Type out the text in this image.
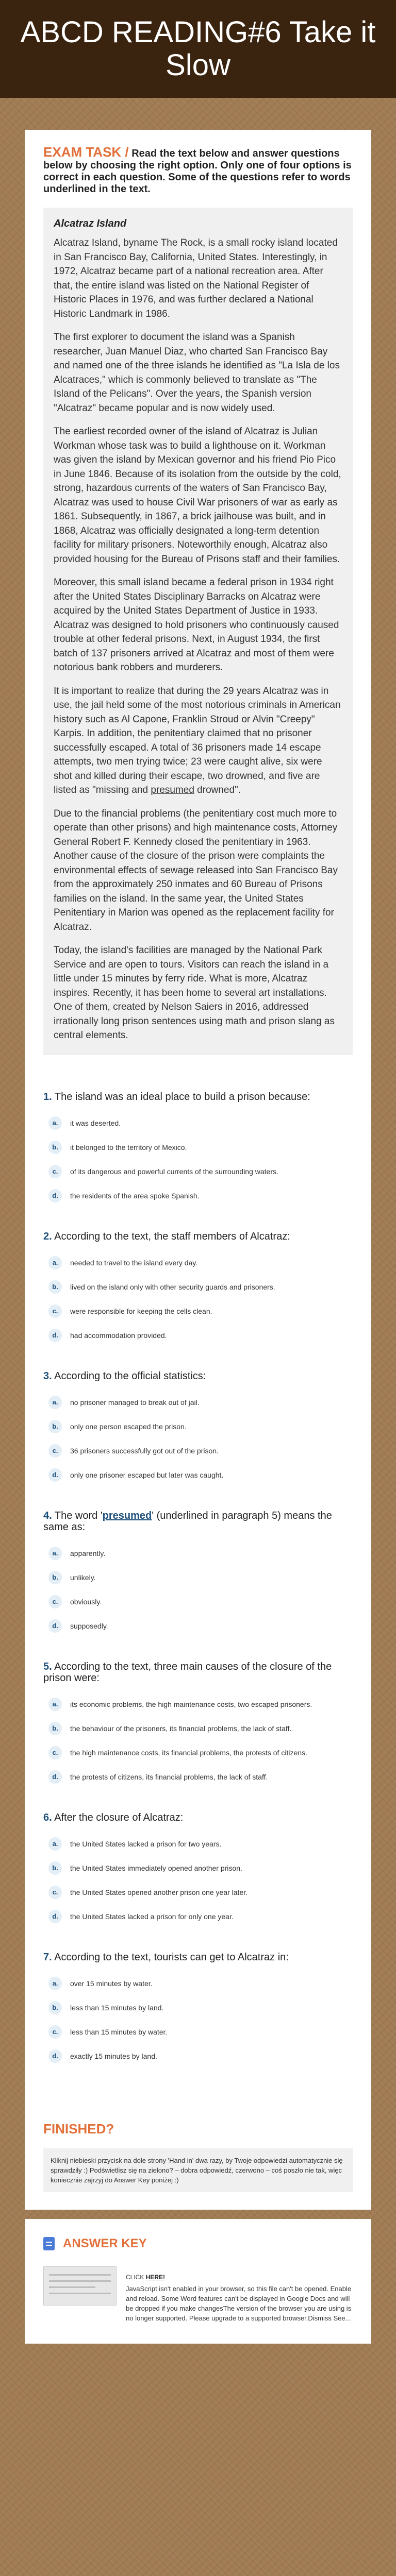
ABCD READING#6 Take it Slow
EXAM TASK / Read the text below and answer questions below by choosing the right option. Only one of four options is correct in each question. Some of the questions refer to words underlined in the text.
Alcatraz Island

Alcatraz Island, byname The Rock, is a small rocky island located in San Francisco Bay, California, United States. Interestingly, in 1972, Alcatraz became part of a national recreation area. After that, the entire island was listed on the National Register of Historic Places in 1976, and was further declared a National Historic Landmark in 1986.

The first explorer to document the island was a Spanish researcher, Juan Manuel Diaz, who charted San Francisco Bay and named one of the three islands he identified as "La Isla de los Alcatraces," which is commonly believed to translate as "The Island of the Pelicans". Over the years, the Spanish version "Alcatraz" became popular and is now widely used.

The earliest recorded owner of the island of Alcatraz is Julian Workman whose task was to build a lighthouse on it. Workman was given the island by Mexican governor and his friend Pio Pico in June 1846. Because of its isolation from the outside by the cold, strong, hazardous currents of the waters of San Francisco Bay, Alcatraz was used to house Civil War prisoners of war as early as 1861. Subsequently, in 1867, a brick jailhouse was built, and in 1868, Alcatraz was officially designated a long-term detention facility for military prisoners. Noteworthily enough, Alcatraz also provided housing for the Bureau of Prisons staff and their families.

Moreover, this small island became a federal prison in 1934 right after the United States Disciplinary Barracks on Alcatraz were acquired by the United States Department of Justice in 1933. Alcatraz was designed to hold prisoners who continuously caused trouble at other federal prisons. Next, in August 1934, the first batch of 137 prisoners arrived at Alcatraz and most of them were notorious bank robbers and murderers.

It is important to realize that during the 29 years Alcatraz was in use, the jail held some of the most notorious criminals in American history such as Al Capone, Franklin Stroud or Alvin "Creepy" Karpis. In addition, the penitentiary claimed that no prisoner successfully escaped. A total of 36 prisoners made 14 escape attempts, two men trying twice; 23 were caught alive, six were shot and killed during their escape, two drowned, and five are listed as "missing and presumed drowned".

Due to the financial problems (the penitentiary cost much more to operate than other prisons) and high maintenance costs, Attorney General Robert F. Kennedy closed the penitentiary in 1963. Another cause of the closure of the prison were complaints the environmental effects of sewage released into San Francisco Bay from the approximately 250 inmates and 60 Bureau of Prisons families on the island. In the same year, the United States Penitentiary in Marion was opened as the replacement facility for Alcatraz.

Today, the island's facilities are managed by the National Park Service and are open to tours. Visitors can reach the island in a little under 15 minutes by ferry ride. What is more, Alcatraz inspires. Recently, it has been home to several art installations. One of them, created by Nelson Saiers in 2016, addressed irrationally long prison sentences using math and prison slang as central elements.

1. The island was an ideal place to build a prison because:
a.	it was deserted.
b.	it belonged to the territory of Mexico.
c.	of its dangerous and powerful currents of the surrounding waters.
d.	the residents of the area spoke Spanish.
2. According to the text, the staff members of Alcatraz:
a.	needed to travel to the island every day.
b.	lived on the island only with other security guards and prisoners.
c.	were responsible for keeping the cells clean.
d.	had accommodation provided.
3. According to the official statistics:
a.	no prisoner managed to break out of jail.
b.	only one person escaped the prison.
c.	36 prisoners successfully got out of the prison.
d.	only one prisoner escaped but later was caught.
4. The word 'presumed' (underlined in paragraph 5) means the same as:
a.	apparently.
b.	unlikely.
c.	obviously.
d.	supposedly.
5. According to the text, three main causes of the closure of the prison were:
a.	its economic problems, the high maintenance costs, two escaped prisoners.
b.	the behaviour of the prisoners, its financial problems, the lack of staff.
c.	the high maintenance costs, its financial problems, the protests of citizens.
d.	the protests of citizens, its financial problems, the lack of staff.
6. After the closure of Alcatraz:
a.	the United States lacked a prison for two years.
b.	the United States immediately opened another prison.
c.	the United States opened another prison one year later.
d.	the United States lacked a prison for only one year.
7. According to the text, tourists can get to Alcatraz in:
a.	over 15 minutes by water.
b.	less than 15 minutes by land.
c.	less than 15 minutes by water.
d.	exactly 15 minutes by land.
FINISHED?
Kliknij niebieski przycisk na dole strony 'Hand in' dwa razy, by Twoje odpowiedzi automatycznie się sprawdziły :) Podświetlisz się na zielono? – dobra odpowiedź, czerwono – coś poszło nie tak, więc koniecznie zajrzyj do Answer Key poniżej :)
ANSWER KEY
CLICK HERE!
JavaScript isn't enabled in your browser, so this file can't be opened. Enable and reload. Some Word features can't be displayed in Google Docs and will be dropped if you make changesThe version of the browser you are using is no longer supported. Please upgrade to a supported browser.Dismiss See...
